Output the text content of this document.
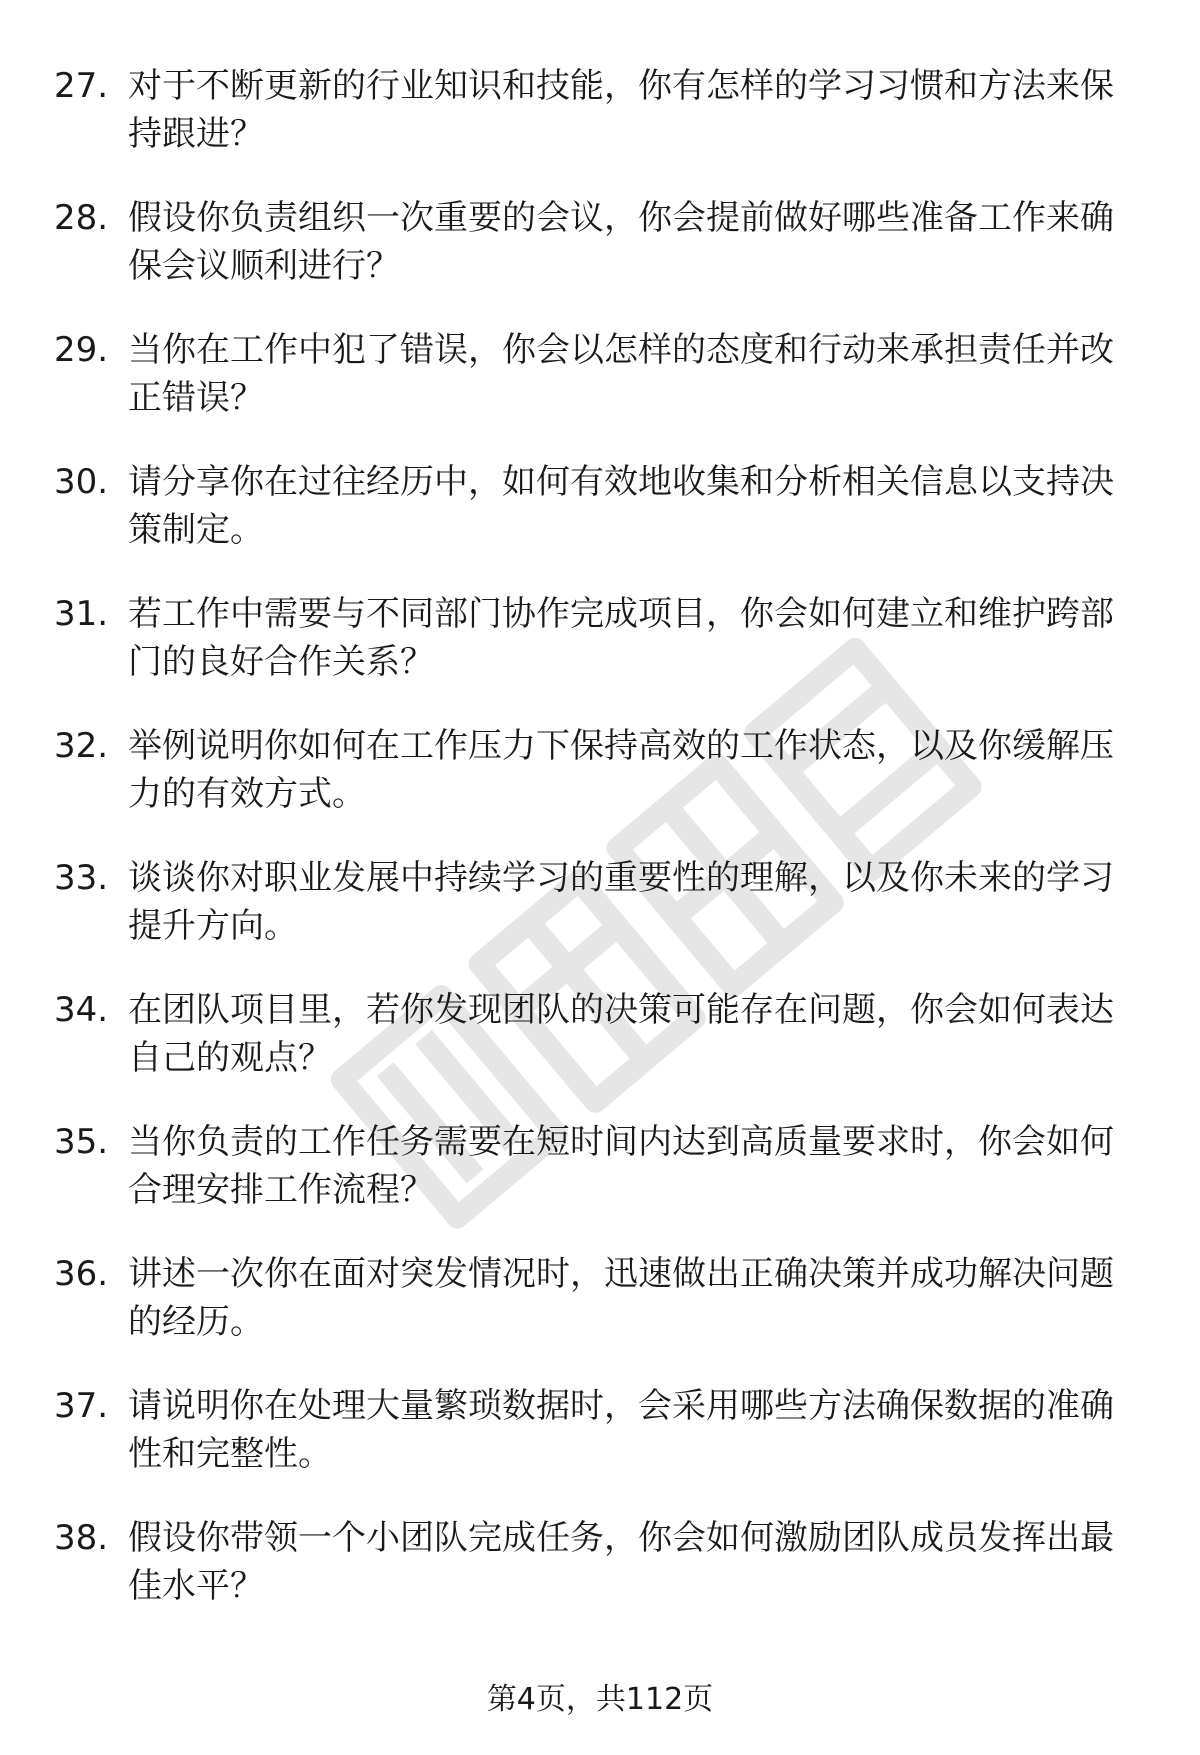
27. 对于不断更新的行业知识和技能，你有怎样的学习习惯和方法来保持跟进？
28. 假设你负责组织一次重要的会议，你会提前做好哪些准备工作来确保会议顺利进行？
29. 当你在工作中犯了错误，你会以怎样的态度和行动来承担责任并改正错误？
30. 请分享你在过往经历中，如何有效地收集和分析相关信息以支持决策制定。
31. 若工作中需要与不同部门协作完成项目，你会如何建立和维护跨部门的良好合作关系？
32. 举例说明你如何在工作压力下保持高效的工作状态，以及你缓解压力的有效方式。
33. 谈谈你对职业发展中持续学习的重要性的理解，以及你未来的学习提升方向。
34. 在团队项目里，若你发现团队的决策可能存在问题，你会如何表达自己的观点？
35. 当你负责的工作任务需要在短时间内达到高质量要求时，你会如何合理安排工作流程？
36. 讲述一次你在面对突发情况时，迅速做出正确决策并成功解决问题的经历。
37. 请说明你在处理大量繁琐数据时，会采用哪些方法确保数据的准确性和完整性。
38. 假设你带领一个小团队完成任务，你会如何激励团队成员发挥出最佳水平？
第4页，共112页
